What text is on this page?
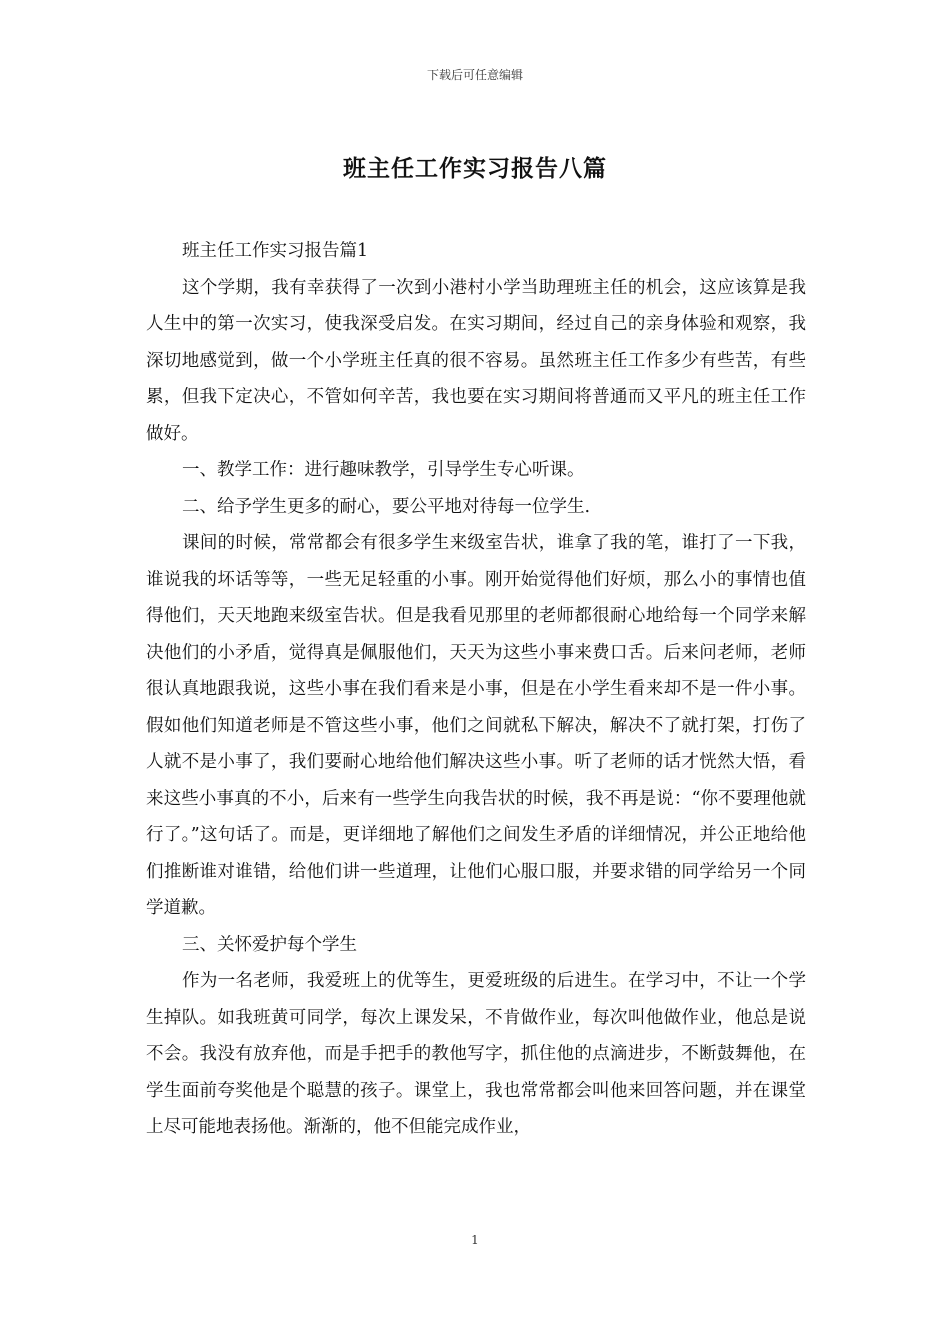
下载后可任意编辑
班主任工作实习报告八篇

班主任工作实习报告篇1

这个学期，我有幸获得了一次到小港村小学当助理班主任的机会，这应该算是我人生中的第一次实习，使我深受启发。在实习期间，经过自己的亲身体验和观察，我深切地感觉到，做一个小学班主任真的很不容易。虽然班主任工作多少有些苦，有些累，但我下定决心，不管如何辛苦，我也要在实习期间将普通而又平凡的班主任工作做好。

一、教学工作：进行趣味教学，引导学生专心听课。

二、给予学生更多的耐心，要公平地对待每一位学生.

课间的时候，常常都会有很多学生来级室告状，谁拿了我的笔，谁打了一下我，谁说我的坏话等等，一些无足轻重的小事。刚开始觉得他们好烦，那么小的事情也值得他们，天天地跑来级室告状。但是我看见那里的老师都很耐心地给每一个同学来解决他们的小矛盾，觉得真是佩服他们，天天为这些小事来费口舌。后来问老师，老师很认真地跟我说，这些小事在我们看来是小事，但是在小学生看来却不是一件小事。假如他们知道老师是不管这些小事，他们之间就私下解决，解决不了就打架，打伤了人就不是小事了，我们要耐心地给他们解决这些小事。听了老师的话才恍然大悟，看来这些小事真的不小，后来有一些学生向我告状的时候，我不再是说：“你不要理他就行了。”这句话了。而是，更详细地了解他们之间发生矛盾的详细情况，并公正地给他们推断谁对谁错，给他们讲一些道理，让他们心服口服，并要求错的同学给另一个同学道歉。

三、关怀爱护每个学生

作为一名老师，我爱班上的优等生，更爱班级的后进生。在学习中，不让一个学生掉队。如我班黄可同学，每次上课发呆，不肯做作业，每次叫他做作业，他总是说不会。我没有放弃他，而是手把手的教他写字，抓住他的点滴进步，不断鼓舞他，在学生面前夸奖他是个聪慧的孩子。课堂上，我也常常都会叫他来回答问题，并在课堂上尽可能地表扬他。渐渐的，他不但能完成作业，

1
